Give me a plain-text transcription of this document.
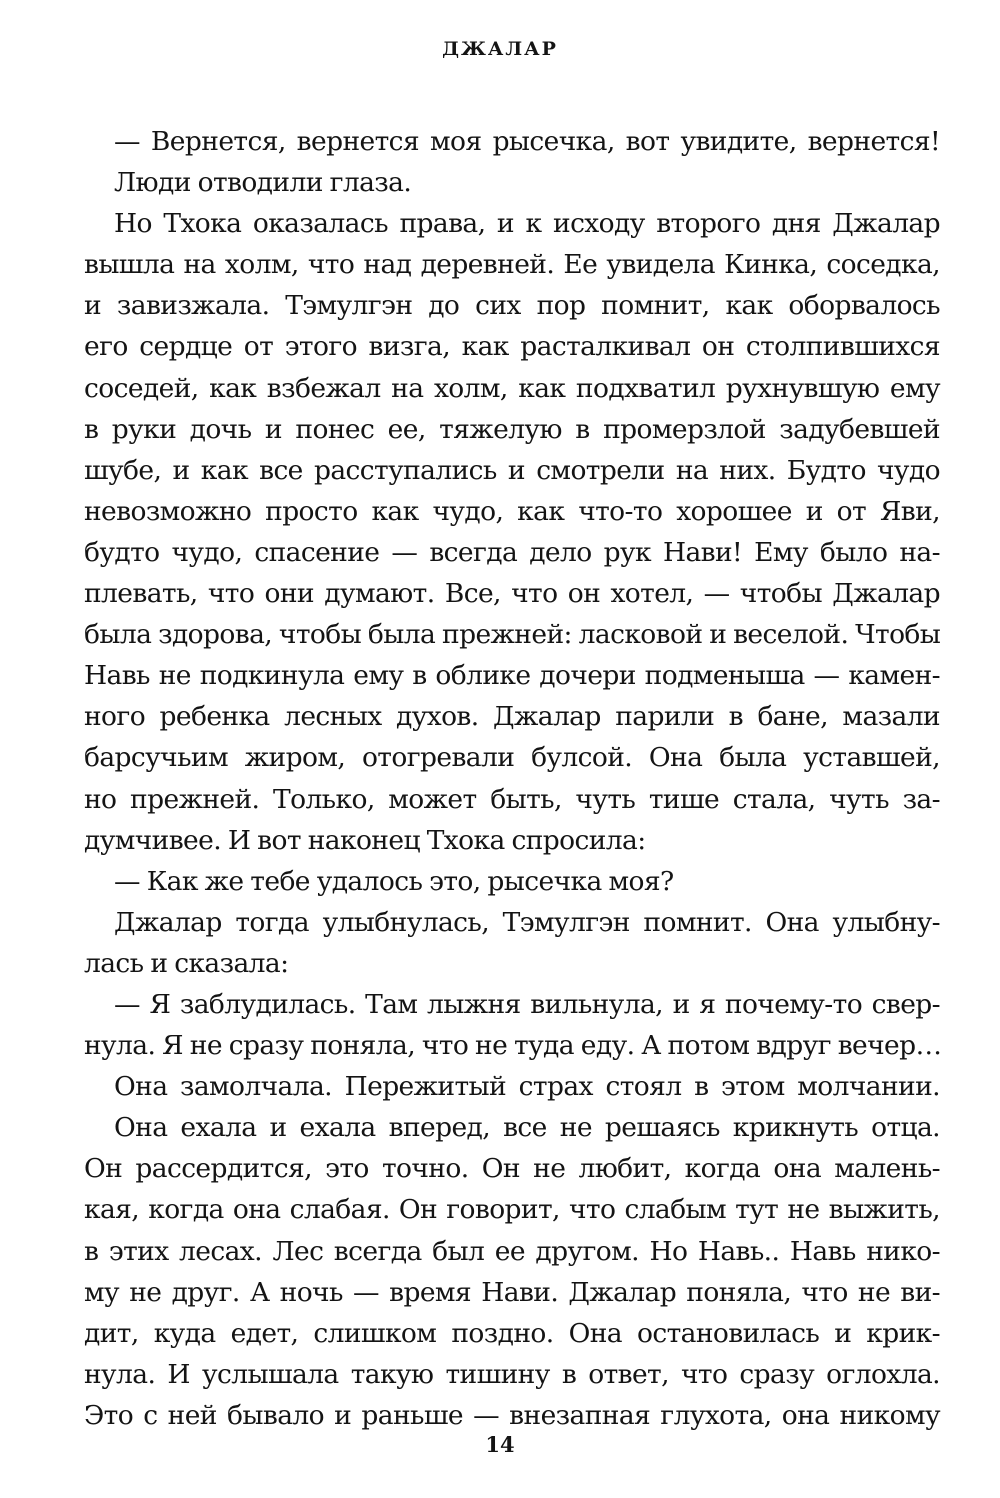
ДЖАЛАР
— Вернется, вернется моя рысечка, вот увидите, вернется!
Люди отводили глаза.
Но Тхока оказалась права, и к исходу второго дня Джалар
вышла на холм, что над деревней. Ее увидела Кинка, соседка,
и завизжала. Тэмулгэн до сих пор помнит, как оборвалось
его сердце от этого визга, как расталкивал он столпившихся
соседей, как взбежал на холм, как подхватил рухнувшую ему
в руки дочь и понес ее, тяжелую в промерзлой задубевшей
шубе, и как все расступались и смотрели на них. Будто чудо
невозможно просто как чудо, как что-то хорошее и от Яви,
будто чудо, спасение — всегда дело рук Нави! Ему было на-
плевать, что они думают. Все, что он хотел, — чтобы Джалар
была здорова, чтобы была прежней: ласковой и веселой. Чтобы
Навь не подкинула ему в облике дочери подменыша — камен-
ного ребенка лесных духов. Джалар парили в бане, мазали
барсучьим жиром, отогревали булсой. Она была уставшей,
но прежней. Только, может быть, чуть тише стала, чуть за-
думчивее. И вот наконец Тхока спросила:
— Как же тебе удалось это, рысечка моя?
Джалар тогда улыбнулась, Тэмулгэн помнит. Она улыбну-
лась и сказала:
— Я заблудилась. Там лыжня вильнула, и я почему-то свер-
нула. Я не сразу поняла, что не туда еду. А потом вдруг вечер…
Она замолчала. Пережитый страх стоял в этом молчании.
Она ехала и ехала вперед, все не решаясь крикнуть отца.
Он рассердится, это точно. Он не любит, когда она малень-
кая, когда она слабая. Он говорит, что слабым тут не выжить,
в этих лесах. Лес всегда был ее другом. Но Навь.. Навь нико-
му не друг. А ночь — время Нави. Джалар поняла, что не ви-
дит, куда едет, слишком поздно. Она остановилась и крик-
нула. И услышала такую тишину в ответ, что сразу оглохла.
Это с ней бывало и раньше — внезапная глухота, она никому
14
